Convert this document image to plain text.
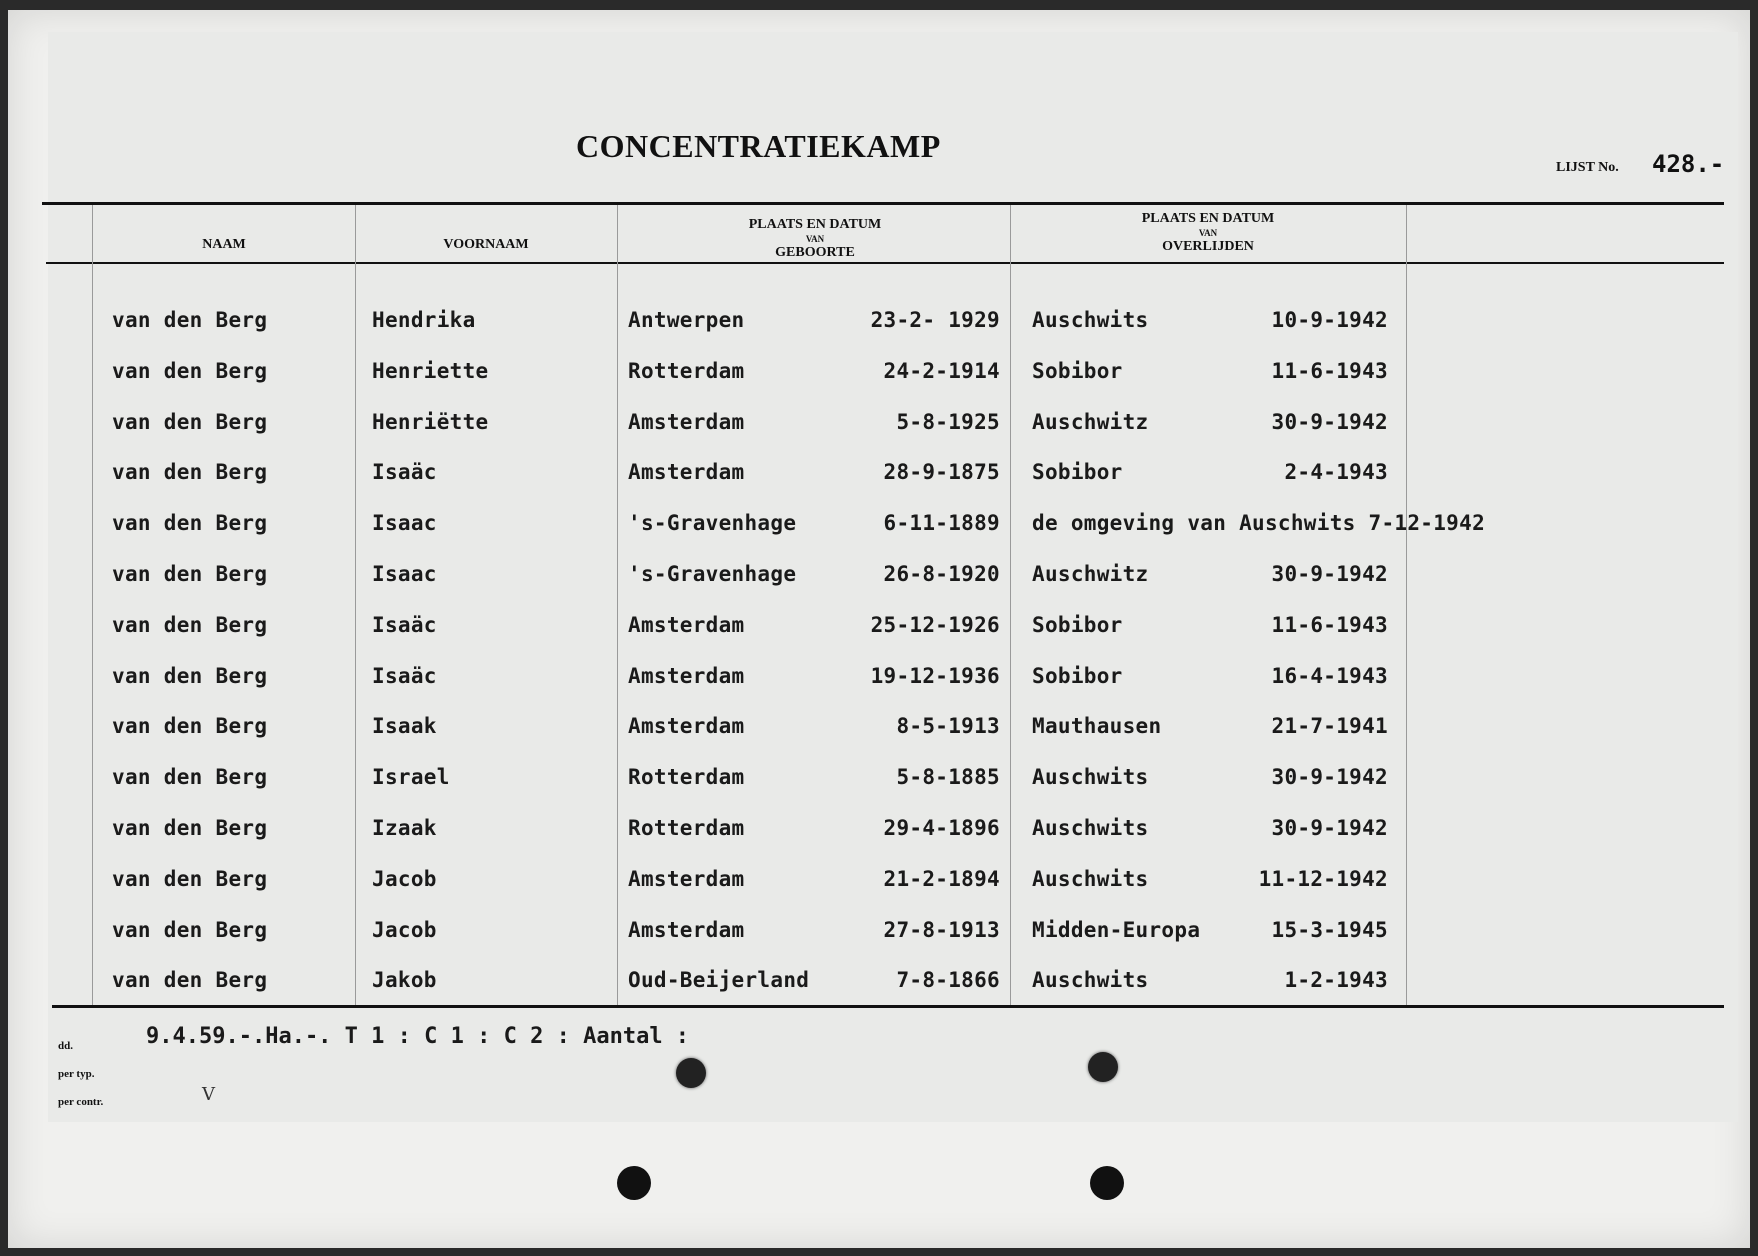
CONCENTRATIEKAMP
LIJST No. 428.-
NAAM	VOORNAAM
PLAATS EN DATUM
VAN
GEBOORTE
PLAATS EN DATUM
VAN
OVERLIJDEN
van den Berg	Hendrika	Antwerpen	23-2- 1929 Auschwits	10-9-1942
van den Berg	Henriette	Rotterdam	24-2-1914 Sobibor	11-6-1943
van den Berg	Henriëtte	Amsterdam	5-8-1925 Auschwitz	30-9-1942
van den Berg	Isaäc	Amsterdam	28-9-1875 Sobibor	2-4-1943
van den Berg	Isaac	's-Gravenhage	6-11-1889 de omgeving van Auschwits 7-12-1942
van den Berg	Isaac	's-Gravenhage	26-8-1920 Auschwitz	30-9-1942
van den Berg	Isaäc	Amsterdam	25-12-1926 Sobibor	11-6-1943
van den Berg	Isaäc	Amsterdam	19-12-1936 Sobibor	16-4-1943
van den Berg	Isaak	Amsterdam	8-5-1913 Mauthausen	21-7-1941
van den Berg	Israel	Rotterdam	5-8-1885 Auschwits	30-9-1942
van den Berg	Izaak	Rotterdam	29-4-1896 Auschwits	30-9-1942
van den Berg	Jacob	Amsterdam	21-2-1894 Auschwits	11-12-1942
van den Berg	Jacob	Amsterdam	27-8-1913 Midden-Europa	15-3-1945
van den Berg	Jakob	Oud-Beijerland	7-8-1866 Auschwits	1-2-1943
dd.	9.4.59.-.Ha.-. T 1 : C 1 : C 2 : Aantal :
per typ.
per contr.	V
